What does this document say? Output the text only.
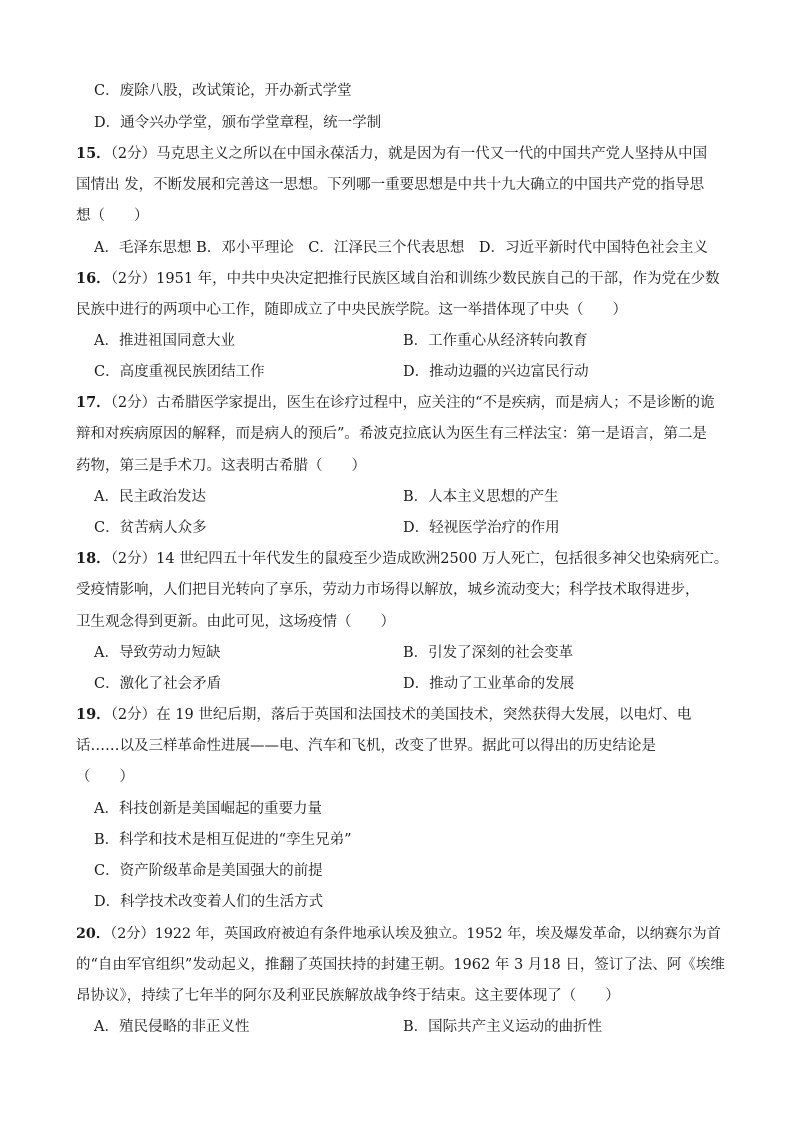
C．废除八股，改试策论，开办新式学堂
D．通令兴办学堂，颁布学堂章程，统一学制
15．（2分）马克思主义之所以在中国永葆活力，就是因为有一代又一代的中国共产党人坚持从中国
国情出 发，不断发展和完善这一思想。下列哪一重要思想是中共十九大确立的中国共产党的指导思
想（　　）
A．毛泽东思想 B．邓小平理论　C．江泽民三个代表思想　D．习近平新时代中国特色社会主义
16．（2分）1951 年，中共中央决定把推行民族区域自治和训练少数民族自己的干部，作为党在少数
民族中进行的两项中心工作，随即成立了中央民族学院。这一举措体现了中央（　　）
A．推进祖国同意大业	B．工作重心从经济转向教育
C．高度重视民族团结工作	D．推动边疆的兴边富民行动
17．（2分）古希腊医学家提出，医生在诊疗过程中，应关注的“不是疾病，而是病人；不是诊断的诡
辩和对疾病原因的解释，而是病人的预后”。希波克拉底认为医生有三样法宝：第一是语言，第二是
药物，第三是手术刀。这表明古希腊（　　）
A．民主政治发达	B．人本主义思想的产生
C．贫苦病人众多	D．轻视医学治疗的作用
18．（2分）14 世纪四五十年代发生的鼠疫至少造成欧洲2500 万人死亡，包括很多神父也染病死亡。
受疫情影响，人们把目光转向了享乐，劳动力市场得以解放，城乡流动变大；科学技术取得进步，
卫生观念得到更新。由此可见，这场疫情（　　）
A．导致劳动力短缺	B．引发了深刻的社会变革
C．激化了社会矛盾	D．推动了工业革命的发展
19．（2分）在 19 世纪后期，落后于英国和法国技术的美国技术，突然获得大发展，以电灯、电
话……以及三样革命性进展——电、汽车和飞机，改变了世界。据此可以得出的历史结论是
（　　）
A．科技创新是美国崛起的重要力量
B．科学和技术是相互促进的“孪生兄弟”
C．资产阶级革命是美国强大的前提
D．科学技术改变着人们的生活方式
20．（2分）1922 年，英国政府被迫有条件地承认埃及独立。1952 年，埃及爆发革命，以纳赛尔为首
的“自由军官组织”发动起义，推翻了英国扶持的封建王朝。1962 年 3 月18 日，签订了法、阿《埃维
昂协议》，持续了七年半的阿尔及利亚民族解放战争终于结束。这主要体现了（　　）
A．殖民侵略的非正义性	B．国际共产主义运动的曲折性
